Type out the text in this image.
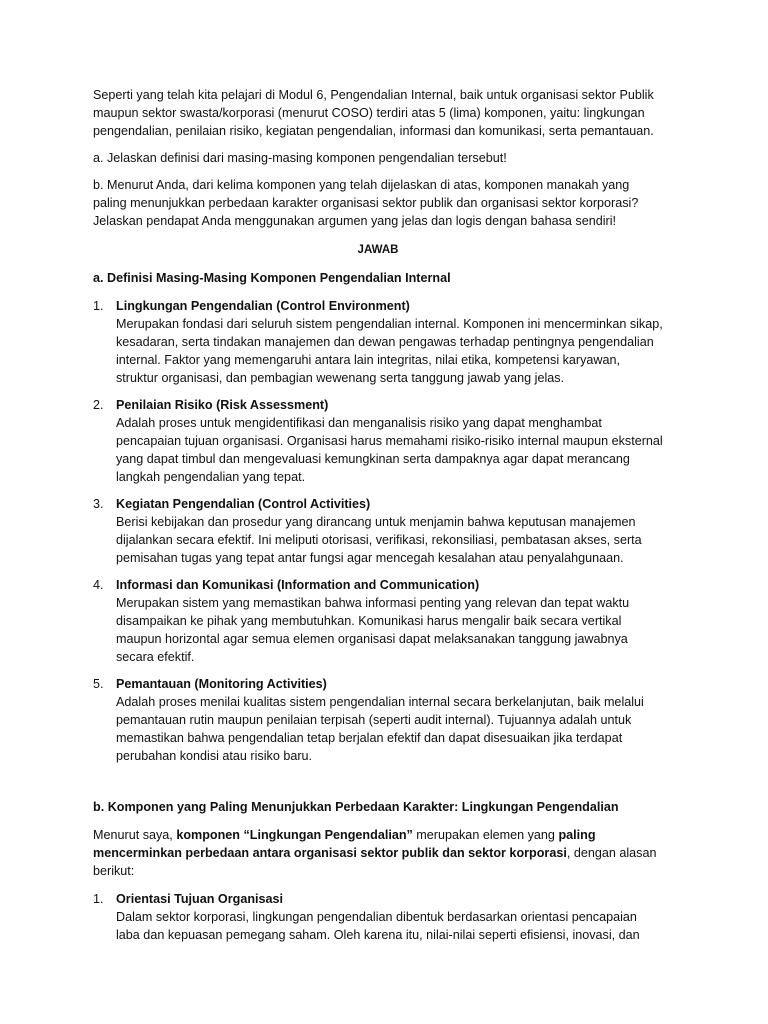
Seperti yang telah kita pelajari di Modul 6, Pengendalian Internal, baik untuk organisasi sektor Publik maupun sektor swasta/korporasi (menurut COSO) terdiri atas 5 (lima) komponen, yaitu: lingkungan pengendalian, penilaian risiko, kegiatan pengendalian, informasi dan komunikasi, serta pemantauan.

a. Jelaskan definisi dari masing-masing komponen pengendalian tersebut!

b. Menurut Anda, dari kelima komponen yang telah dijelaskan di atas, komponen manakah yang paling menunjukkan perbedaan karakter organisasi sektor publik dan organisasi sektor korporasi? Jelaskan pendapat Anda menggunakan argumen yang jelas dan logis dengan bahasa sendiri!

JAWAB

a. Definisi Masing-Masing Komponen Pengendalian Internal

1. Lingkungan Pengendalian (Control Environment)
Merupakan fondasi dari seluruh sistem pengendalian internal. Komponen ini mencerminkan sikap, kesadaran, serta tindakan manajemen dan dewan pengawas terhadap pentingnya pengendalian internal. Faktor yang memengaruhi antara lain integritas, nilai etika, kompetensi karyawan, struktur organisasi, dan pembagian wewenang serta tanggung jawab yang jelas.
2. Penilaian Risiko (Risk Assessment)
Adalah proses untuk mengidentifikasi dan menganalisis risiko yang dapat menghambat pencapaian tujuan organisasi. Organisasi harus memahami risiko-risiko internal maupun eksternal yang dapat timbul dan mengevaluasi kemungkinan serta dampaknya agar dapat merancang langkah pengendalian yang tepat.
3. Kegiatan Pengendalian (Control Activities)
Berisi kebijakan dan prosedur yang dirancang untuk menjamin bahwa keputusan manajemen dijalankan secara efektif. Ini meliputi otorisasi, verifikasi, rekonsiliasi, pembatasan akses, serta pemisahan tugas yang tepat antar fungsi agar mencegah kesalahan atau penyalahgunaan.
4. Informasi dan Komunikasi (Information and Communication)
Merupakan sistem yang memastikan bahwa informasi penting yang relevan dan tepat waktu disampaikan ke pihak yang membutuhkan. Komunikasi harus mengalir baik secara vertikal maupun horizontal agar semua elemen organisasi dapat melaksanakan tanggung jawabnya secara efektif.
5. Pemantauan (Monitoring Activities)
Adalah proses menilai kualitas sistem pengendalian internal secara berkelanjutan, baik melalui pemantauan rutin maupun penilaian terpisah (seperti audit internal). Tujuannya adalah untuk memastikan bahwa pengendalian tetap berjalan efektif dan dapat disesuaikan jika terdapat perubahan kondisi atau risiko baru.

b. Komponen yang Paling Menunjukkan Perbedaan Karakter: Lingkungan Pengendalian

Menurut saya, komponen “Lingkungan Pengendalian” merupakan elemen yang paling mencerminkan perbedaan antara organisasi sektor publik dan sektor korporasi, dengan alasan berikut:

1. Orientasi Tujuan Organisasi
Dalam sektor korporasi, lingkungan pengendalian dibentuk berdasarkan orientasi pencapaian laba dan kepuasan pemegang saham. Oleh karena itu, nilai-nilai seperti efisiensi, inovasi, dan
